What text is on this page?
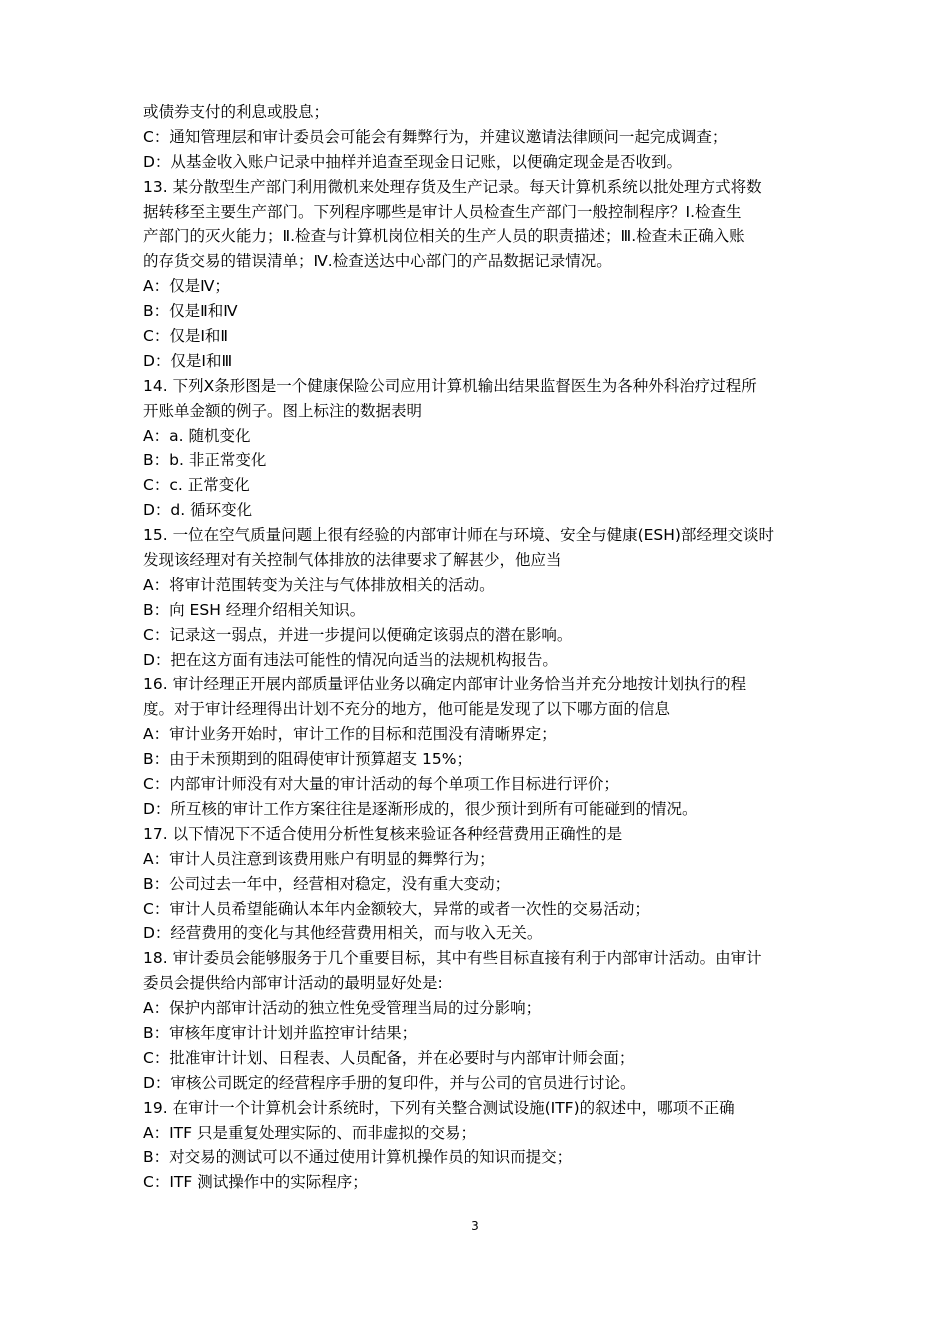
或债券支付的利息或股息；
C：通知管理层和审计委员会可能会有舞弊行为，并建议邀请法律顾问一起完成调查；
D：从基金收入账户记录中抽样并追查至现金日记账，以便确定现金是否收到。
13. 某分散型生产部门利用微机来处理存货及生产记录。每天计算机系统以批处理方式将数
据转移至主要生产部门。下列程序哪些是审计人员检查生产部门一般控制程序？Ⅰ.检查生
产部门的灭火能力；Ⅱ.检查与计算机岗位相关的生产人员的职责描述；Ⅲ.检查未正确入账
的存货交易的错误清单；Ⅳ.检查送达中心部门的产品数据记录情况。
A：仅是Ⅳ；
B：仅是Ⅱ和Ⅳ
C：仅是Ⅰ和Ⅱ
D：仅是Ⅰ和Ⅲ
14. 下列X条形图是一个健康保险公司应用计算机输出结果监督医生为各种外科治疗过程所
开账单金额的例子。图上标注的数据表明
A：a. 随机变化
B：b. 非正常变化
C：c. 正常变化
D：d. 循环变化
15. 一位在空气质量问题上很有经验的内部审计师在与环境、安全与健康(ESH)部经理交谈时
发现该经理对有关控制气体排放的法律要求了解甚少，他应当
A：将审计范围转变为关注与气体排放相关的活动。
B：向 ESH 经理介绍相关知识。
C：记录这一弱点，并进一步提问以便确定该弱点的潜在影响。
D：把在这方面有违法可能性的情况向适当的法规机构报告。
16. 审计经理正开展内部质量评估业务以确定内部审计业务恰当并充分地按计划执行的程
度。对于审计经理得出计划不充分的地方，他可能是发现了以下哪方面的信息
A：审计业务开始时，审计工作的目标和范围没有清晰界定；
B：由于未预期到的阻碍使审计预算超支 15%；
C：内部审计师没有对大量的审计活动的每个单项工作目标进行评价；
D：所互核的审计工作方案往往是逐渐形成的，很少预计到所有可能碰到的情况。
17. 以下情况下不适合使用分析性复核来验证各种经营费用正确性的是
A：审计人员注意到该费用账户有明显的舞弊行为；
B：公司过去一年中，经营相对稳定，没有重大变动；
C：审计人员希望能确认本年内金额较大，异常的或者一次性的交易活动；
D：经营费用的变化与其他经营费用相关，而与收入无关。
18. 审计委员会能够服务于几个重要目标，其中有些目标直接有利于内部审计活动。由审计
委员会提供给内部审计活动的最明显好处是:
A：保护内部审计活动的独立性免受管理当局的过分影响；
B：审核年度审计计划并监控审计结果；
C：批准审计计划、日程表、人员配备，并在必要时与内部审计师会面；
D：审核公司既定的经营程序手册的复印件，并与公司的官员进行讨论。
19. 在审计一个计算机会计系统时，下列有关整合测试设施(ITF)的叙述中，哪项不正确
A：ITF 只是重复处理实际的、而非虚拟的交易；
B：对交易的测试可以不通过使用计算机操作员的知识而提交；
C：ITF 测试操作中的实际程序；
3
